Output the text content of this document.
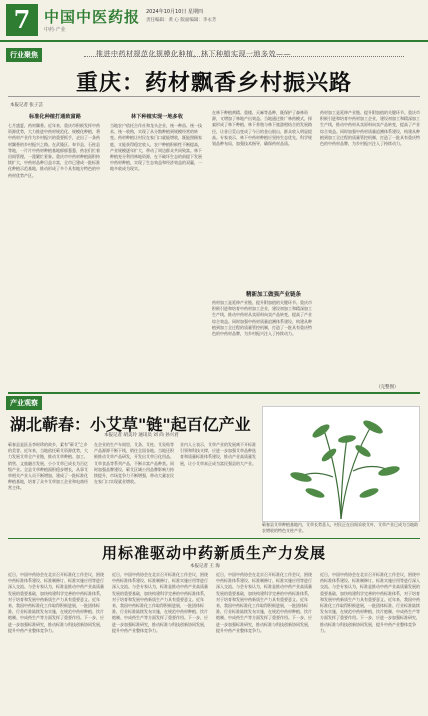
7 中国中医药报 2024年10月10日 星期四
责任编辑：黄 心 版面编辑：李永芳
中药·产业
行业聚焦	推进中药材规范化规模化种植，林下种植实现一地多效——
重庆：药材飘香乡村振兴路
本报记者 张子芸

标准化种植打通致富路

七月盛夏，药材飘香。近年来，重庆市积极发挥中药资源优势，大力推进中药材规范化、规模化种植，将中药材产业作为乡村振兴的重要抓手，走出了一条药材飘香的乡村振兴之路。在武隆区、奉节县、石柱县等地，一片片中药材种植基地郁郁葱葱，药农们忙着田间管理，一派繁忙景象。重庆市中药材种植面积持续扩大，中药材品种日益丰富，全市已建成一批标准化种植示范基地，推动形成了多个具有地方特色的中药材优势产区。

林下种植实现一地多收

当地农户依托合作社和龙头企业，统一种苗、统一技术、统一收购，实现了从分散种植到规模经营的转变。药材种植让村民在家门口就能增收，既能照顾家庭，又能获得稳定收入，农户种植积极性不断提高，产业规模逐年扩大，带动了周边群众共同致富。林下种植充分利用林地资源，在不破坏生态的前提下发展中药材种植，实现了生态效益和经济效益的双赢，一地多收成为现实。

在林下种植黄精、重楼、天麻等品种，既保护了森林资源，又增加了林地产出效益。当地通过推广林药模式，探索形成了林下种植、林下养殖与林下旅游相结合的发展路径，让昔日荒山变成了今日的金山银山，群众收入明显提高。专家表示，林下中药材种植应坚持生态优先，科学规划品种布局，加强技术指导，确保药材品质。

精新加工做强产业链条

药材加工是延伸产业链、提升附加值的关键环节。重庆市积极引进和培育中药材加工企业，建设初加工和精深加工生产线，推动中药材从卖原料向卖产品转变，提高了产业综合效益。同时加强中药材质量追溯体系建设，构建从种植到加工全过程的质量管控机制，打造了一批具有重庆特色的中药材品牌，为乡村振兴注入了持续动力。

药材加工是延伸产业链、提升附加值的关键环节。重庆市积极引进和培育中药材加工企业，建设初加工和精深加工生产线，推动中药材从卖原料向卖产品转变，提高了产业综合效益。同时加强中药材质量追溯体系建设，构建从种植到加工全过程的质量管控机制，打造了一批具有重庆特色的中药材品牌，为乡村振兴注入了持续动力。

（完整图）
产业观察
湖北蕲春：小艾草"链"起百亿产业
本报记者 胡美玲 通讯员 刘 尚 孙兴君

蕲春县是医圣李时珍的故乡，素有"蕲艾"之乡的美誉。近年来，当地依托蕲艾资源优势，大力发展艾草全产业链，推动艾草种植、加工、销售、文旅融合发展，小小艾草已成长为百亿级产业。全县艾草种植面积稳步增长，从事艾草相关产业人员不断增加，建成了一批标准化种植基地，培育了众多艾草加工企业和电商经营主体。

在企业的生产车间里，艾条、艾柱、艾灸贴等产品源源不断下线，销往全国各地。当地还积极推动艾草产品研发，开发出艾草日化用品、艾草食品等系列产品，不断丰富产品种类。同时加强品牌建设，蕲艾区域公用品牌影响力持续提升，市场竞争力不断增强，带动大量农民在家门口实现就业增收。

业内人士表示，艾草产业的发展离不开标准引领和科技支撑，应进一步加强艾草品种选育和质量标准体系建设，推动产业高质量发展，让小艾草真正成为富民强县的大产业。

蕲春县艾草种植基地内，艾草长势喜人，村民正在田间采收艾叶，艾草产业已成为当地助农增收的特色支柱产业。
用标准驱动中药新质生产力发展
本报记者 王 海

近日，中国中药协会在北京召开标准化工作会议，围绕中药标准体系建设、标准制修订、标准实施应用等进行深入交流。与会专家认为，标准是推动中药产业高质量发展的重要基础，加快构建科学完善的中药标准体系，对于培育和发展中药新质生产力具有重要意义。近年来，我国中药标准化工作取得积极进展，一批团体标准、行业标准陆续发布实施，在规范中药材种植、饮片炮制、中成药生产等方面发挥了重要作用。下一步，应进一步加强标准研究，推动标准与科技创新协同发展，提升中药产业整体竞争力。

近日，中国中药协会在北京召开标准化工作会议，围绕中药标准体系建设、标准制修订、标准实施应用等进行深入交流。与会专家认为，标准是推动中药产业高质量发展的重要基础，加快构建科学完善的中药标准体系，对于培育和发展中药新质生产力具有重要意义。近年来，我国中药标准化工作取得积极进展，一批团体标准、行业标准陆续发布实施，在规范中药材种植、饮片炮制、中成药生产等方面发挥了重要作用。下一步，应进一步加强标准研究，推动标准与科技创新协同发展，提升中药产业整体竞争力。

近日，中国中药协会在北京召开标准化工作会议，围绕中药标准体系建设、标准制修订、标准实施应用等进行深入交流。与会专家认为，标准是推动中药产业高质量发展的重要基础，加快构建科学完善的中药标准体系，对于培育和发展中药新质生产力具有重要意义。近年来，我国中药标准化工作取得积极进展，一批团体标准、行业标准陆续发布实施，在规范中药材种植、饮片炮制、中成药生产等方面发挥了重要作用。下一步，应进一步加强标准研究，推动标准与科技创新协同发展，提升中药产业整体竞争力。

近日，中国中药协会在北京召开标准化工作会议，围绕中药标准体系建设、标准制修订、标准实施应用等进行深入交流。与会专家认为，标准是推动中药产业高质量发展的重要基础，加快构建科学完善的中药标准体系，对于培育和发展中药新质生产力具有重要意义。近年来，我国中药标准化工作取得积极进展，一批团体标准、行业标准陆续发布实施，在规范中药材种植、饮片炮制、中成药生产等方面发挥了重要作用。下一步，应进一步加强标准研究，推动标准与科技创新协同发展，提升中药产业整体竞争力。
